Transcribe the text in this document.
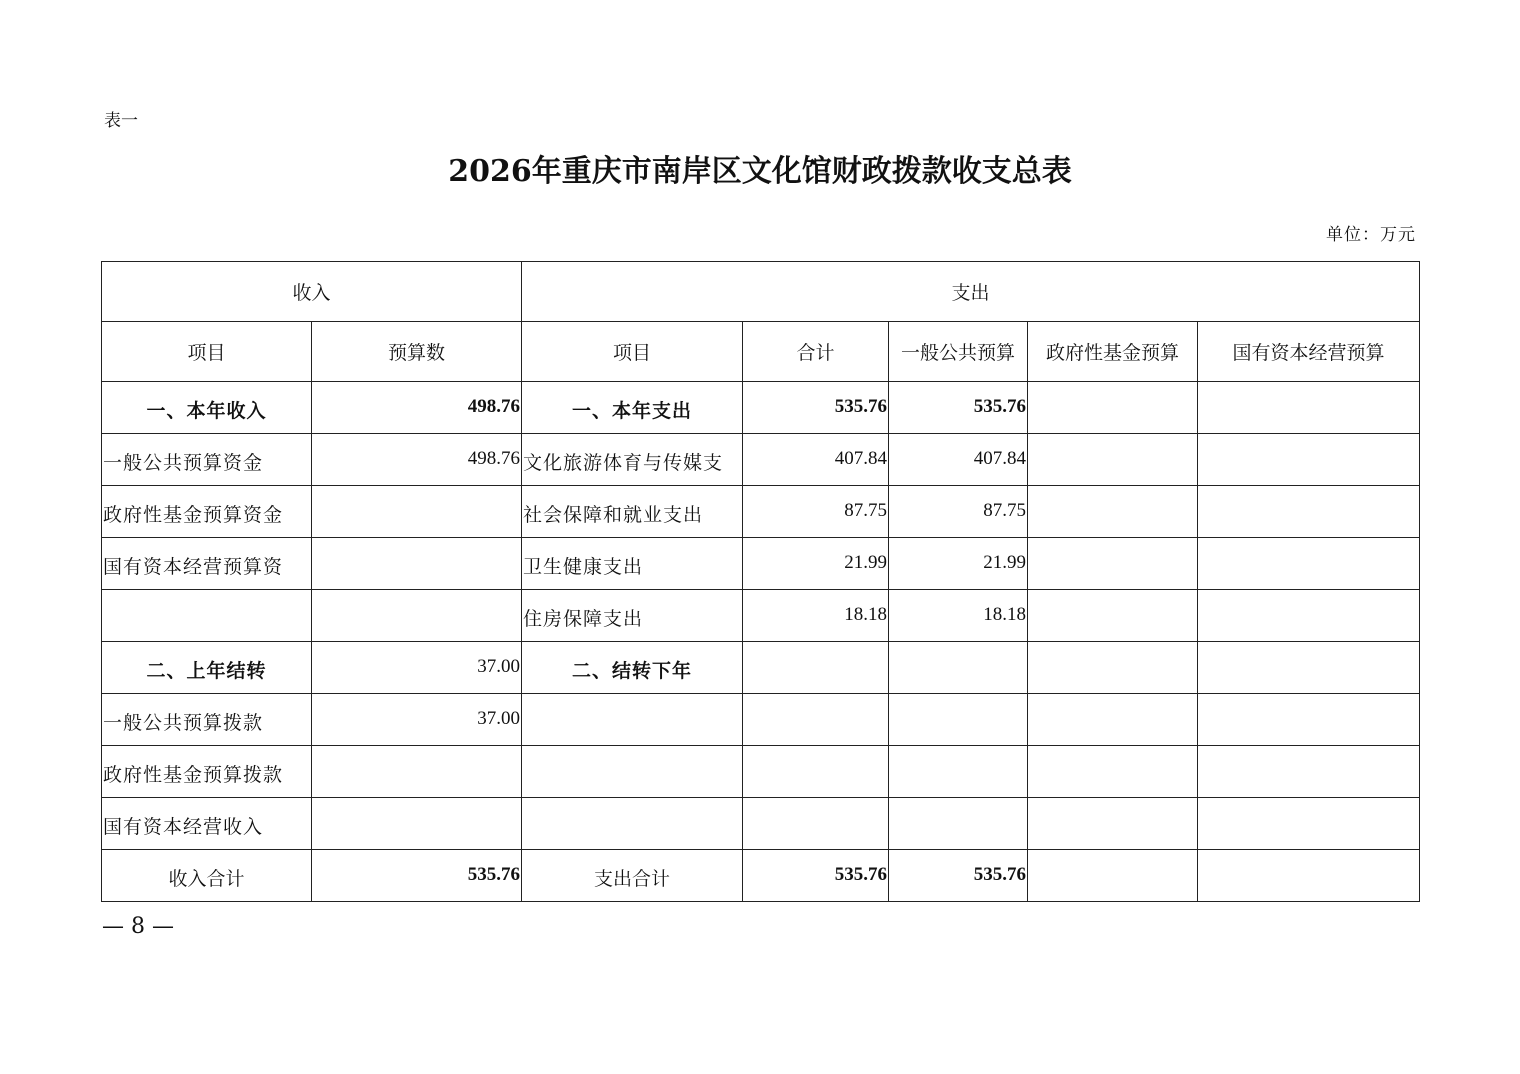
表一
2026年重庆市南岸区文化馆财政拨款收支总表
单位：万元
收入		支出				
项目	预算数	项目	合计	一般公共预算	政府性基金预算	国有资本经营预算
一、本年收入	498.76	一、本年支出	535.76	535.76		
一般公共预算资金	498.76	文化旅游体育与传媒支	407.84	407.84		
政府性基金预算资金		社会保障和就业支出	87.75	87.75		
国有资本经营预算资		卫生健康支出	21.99	21.99		
		住房保障支出	18.18	18.18		
二、上年结转	37.00	二、结转下年				
一般公共预算拨款	37.00					
政府性基金预算拨款						
国有资本经营收入						
收入合计	535.76	支出合计	535.76	535.76		
— 8 —
